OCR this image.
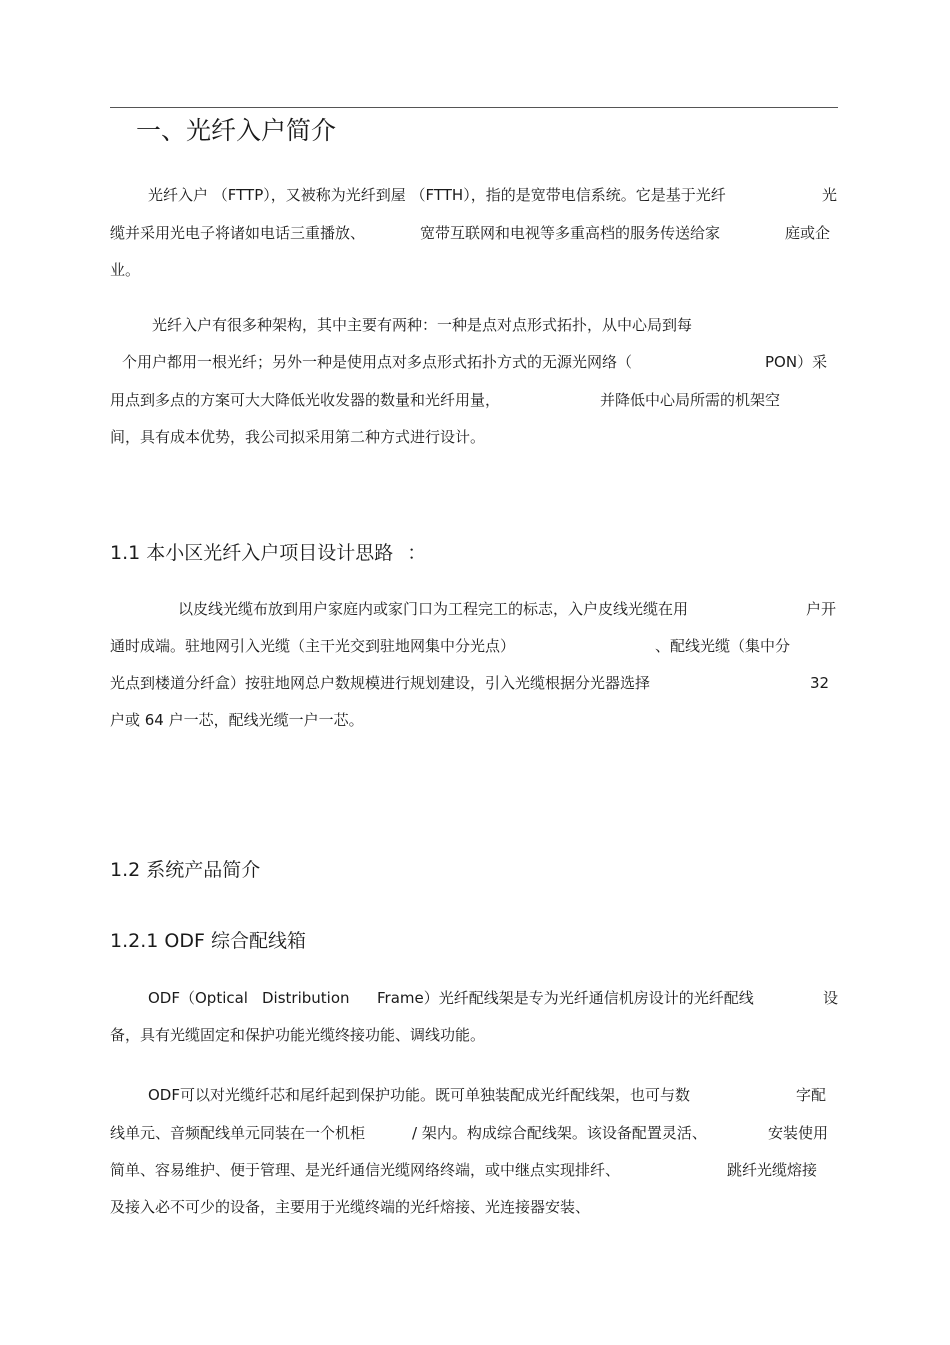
一、光纤入户简介
光纤入户 （FTTP），又被称为光纤到屋 （FTTH），指的是宽带电信系统。它是基于光纤	光
缆并采用光电子将诸如电话三重播放、	宽带互联网和电视等多重高档的服务传送给家	庭或企
业。
光纤入户有很多种架构，其中主要有两种：一种是点对点形式拓扑，从中心局到每
个用户都用一根光纤；另外一种是使用点对多点形式拓扑方式的无源光网络（	PON）采
用点到多点的方案可大大降低光收发器的数量和光纤用量，	并降低中心局所需的机架空
间，具有成本优势，我公司拟采用第二种方式进行设计。
1.1 本小区光纤入户项目设计思路 ：
以皮线光缆布放到用户家庭内或家门口为工程完工的标志，入户皮线光缆在用	户开
通时成端。驻地网引入光缆（主干光交到驻地网集中分光点）	、配线光缆（集中分
光点到楼道分纤盒）按驻地网总户数规模进行规划建设，引入光缆根据分光器选择	32
户或 64 户一芯，配线光缆一户一芯。
1.2 系统产品简介
1.2.1 ODF 综合配线箱
ODF（Optical Distribution Frame）光纤配线架是专为光纤通信机房设计的光纤配线	设
备，具有光缆固定和保护功能光缆终接功能、调线功能。
ODF可以对光缆纤芯和尾纤起到保护功能。既可单独装配成光纤配线架，也可与数	字配
线单元、音频配线单元同装在一个机柜	/ 架内。构成综合配线架。该设备配置灵活、	安装使用
简单、容易维护、便于管理、是光纤通信光缆网络终端，或中继点实现排纤、	跳纤光缆熔接
及接入必不可少的设备，主要用于光缆终端的光纤熔接、光连接器安装、
